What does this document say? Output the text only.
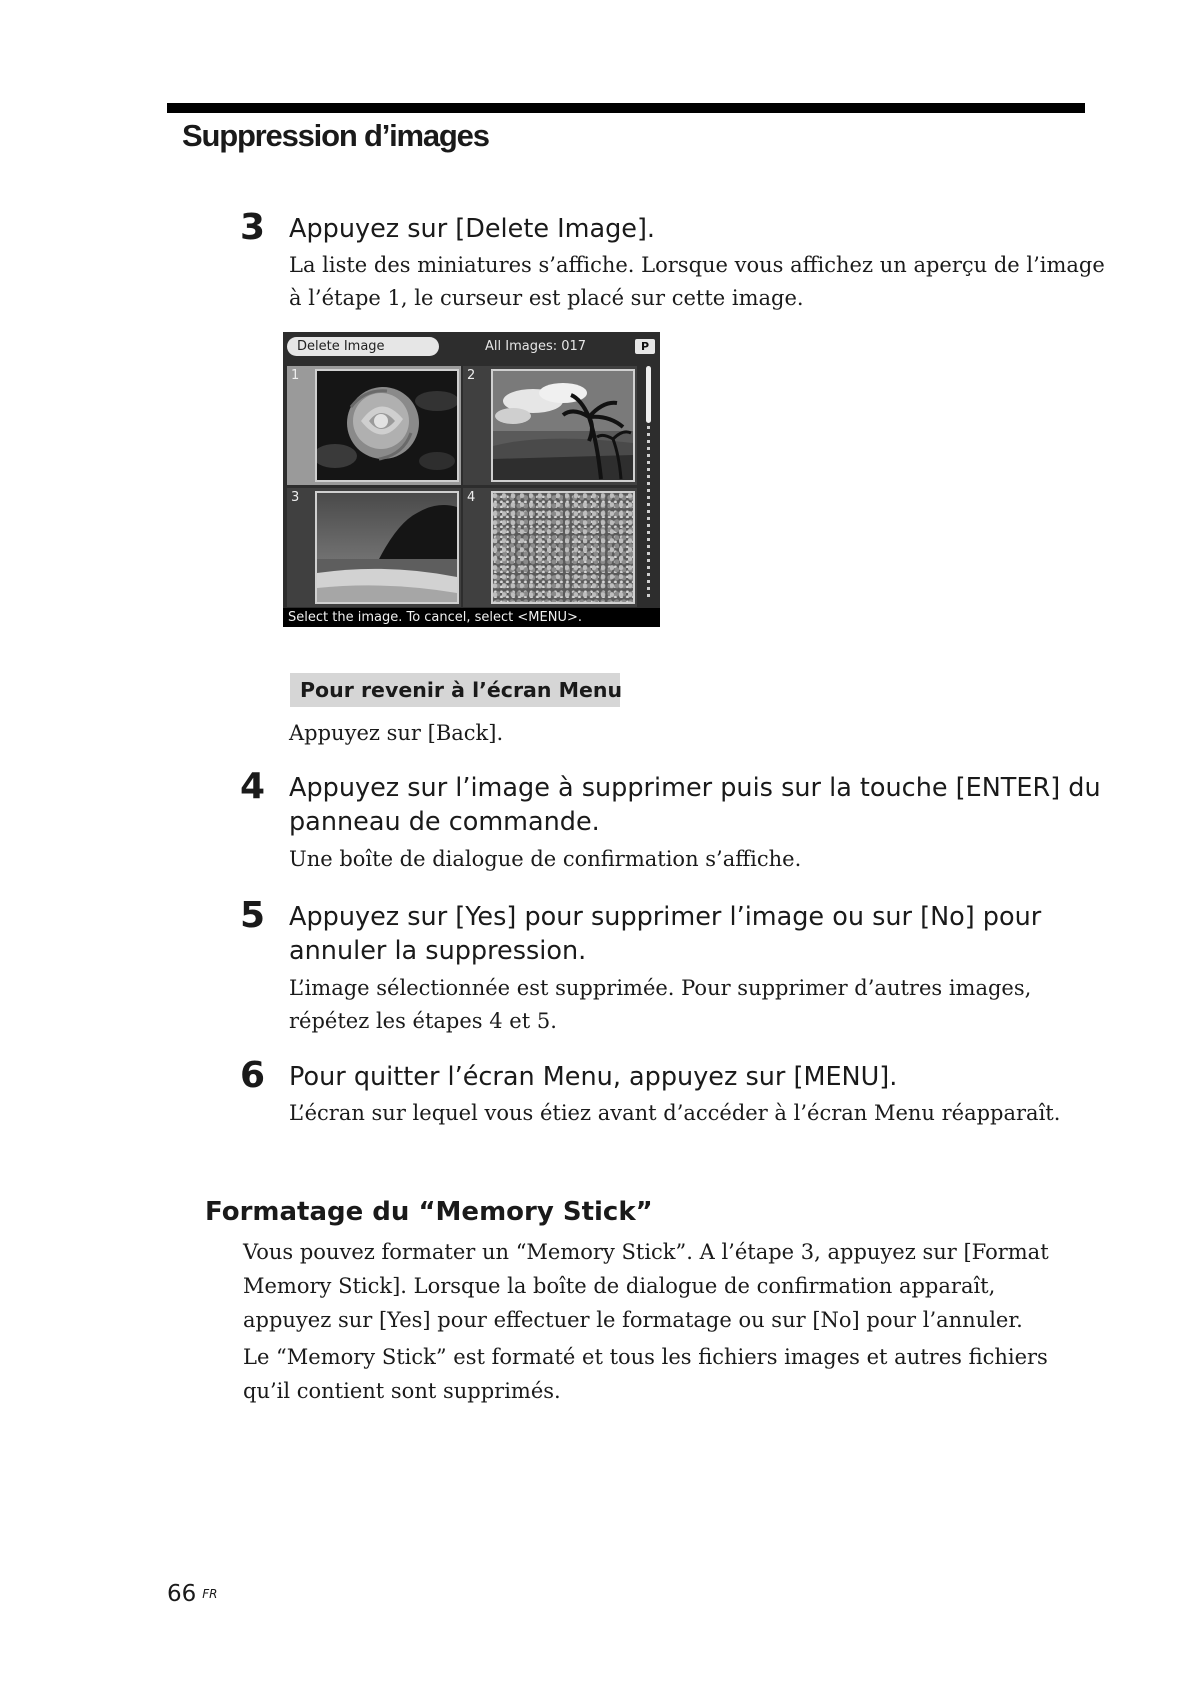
Suppression d’images
3 Appuyez sur [Delete Image].
La liste des miniatures s’affiche. Lorsque vous affichez un aperçu de l’image à l’étape 1, le curseur est placé sur cette image.
Delete Image	All Images: 017	P
1	2
3	4
Select the image. To cancel, select <MENU>.
Pour revenir à l’écran Menu
Appuyez sur [Back].
4 Appuyez sur l’image à supprimer puis sur la touche [ENTER] du panneau de commande.
Une boîte de dialogue de confirmation s’affiche.
5 Appuyez sur [Yes] pour supprimer l’image ou sur [No] pour annuler la suppression.
L’image sélectionnée est supprimée. Pour supprimer d’autres images, répétez les étapes 4 et 5.
6 Pour quitter l’écran Menu, appuyez sur [MENU].
L’écran sur lequel vous étiez avant d’accéder à l’écran Menu réapparaît.
Formatage du “Memory Stick”
Vous pouvez formater un “Memory Stick”. A l’étape 3, appuyez sur [Format Memory Stick]. Lorsque la boîte de dialogue de confirmation apparaît, appuyez sur [Yes] pour effectuer le formatage ou sur [No] pour l’annuler.
Le “Memory Stick” est formaté et tous les fichiers images et autres fichiers qu’il contient sont supprimés.
66 $^{FR}$
